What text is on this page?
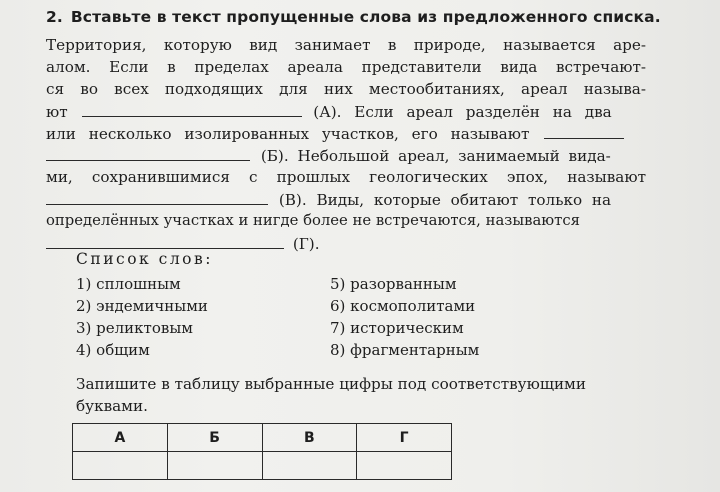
2. Вставьте в текст пропущенные слова из предложенного списка.
Территория, которую вид занимает в природе, называется аре-
алом. Если в пределах ареала представители вида встречают-
ся во всех подходящих для них местообитаниях, ареал называ-
ют	(А). Если ареал разделён на два
или несколько изолированных участков, его называют
(Б). Небольшой ареал, занимаемый вида-
ми, сохранившимися с прошлых геологических эпох, называют
(В). Виды, которые обитают только на
определённых участках и нигде более не встречаются, называются
(Г).
Список слов:
1) сплошным
2) эндемичными
3) реликтовым
4) общим
5) разорванным
6) космополитами
7) историческим
8) фрагментарным
Запишите в таблицу выбранные цифры под соответствующими буквами.
А	Б	В	Г
